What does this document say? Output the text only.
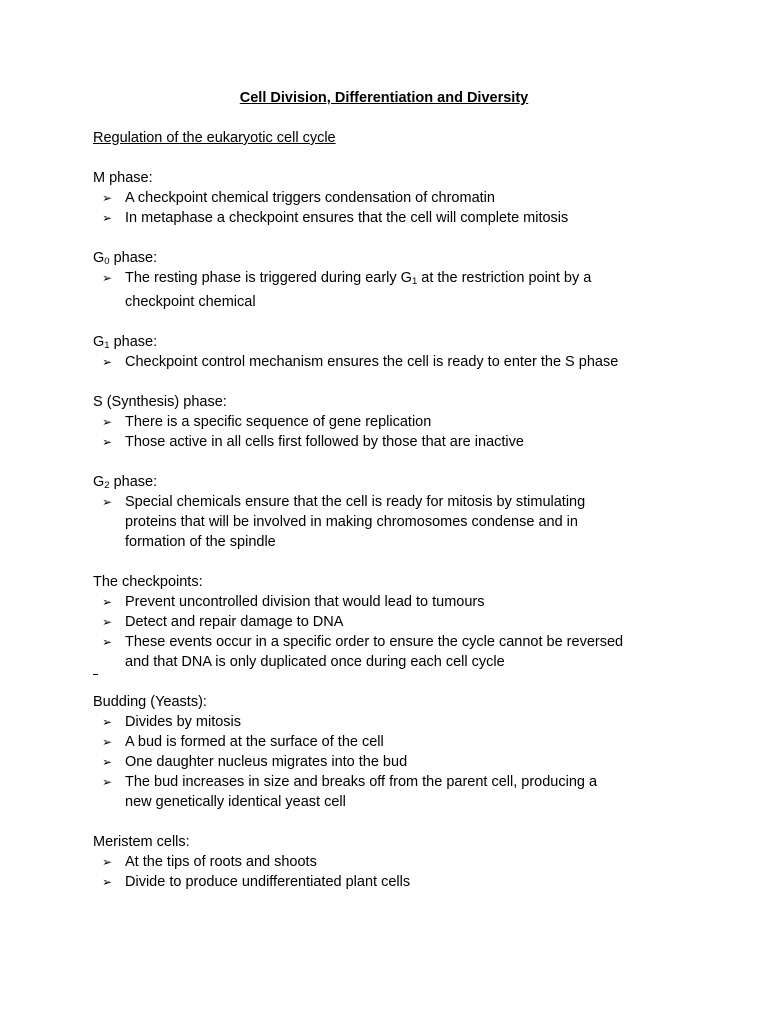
Cell Division, Differentiation and Diversity
Regulation of the eukaryotic cell cycle
M phase:
➢ A checkpoint chemical triggers condensation of chromatin
➢ In metaphase a checkpoint ensures that the cell will complete mitosis
$G_0$ phase:
➢ The resting phase is triggered during early $G_1$ at the restriction point by a
checkpoint chemical
$G_1$ phase:
➢ Checkpoint control mechanism ensures the cell is ready to enter the S phase
S (Synthesis) phase:
➢ There is a specific sequence of gene replication
➢ Those active in all cells first followed by those that are inactive
$G_2$ phase:
➢ Special chemicals ensure that the cell is ready for mitosis by stimulating
proteins that will be involved in making chromosomes condense and in
formation of the spindle
The checkpoints:
➢ Prevent uncontrolled division that would lead to tumours
➢ Detect and repair damage to DNA
➢ These events occur in a specific order to ensure the cycle cannot be reversed
and that DNA is only duplicated once during each cell cycle
Budding (Yeasts):
➢ Divides by mitosis
➢ A bud is formed at the surface of the cell
➢ One daughter nucleus migrates into the bud
➢ The bud increases in size and breaks off from the parent cell, producing a
new genetically identical yeast cell
Meristem cells:
➢ At the tips of roots and shoots
➢ Divide to produce undifferentiated plant cells
